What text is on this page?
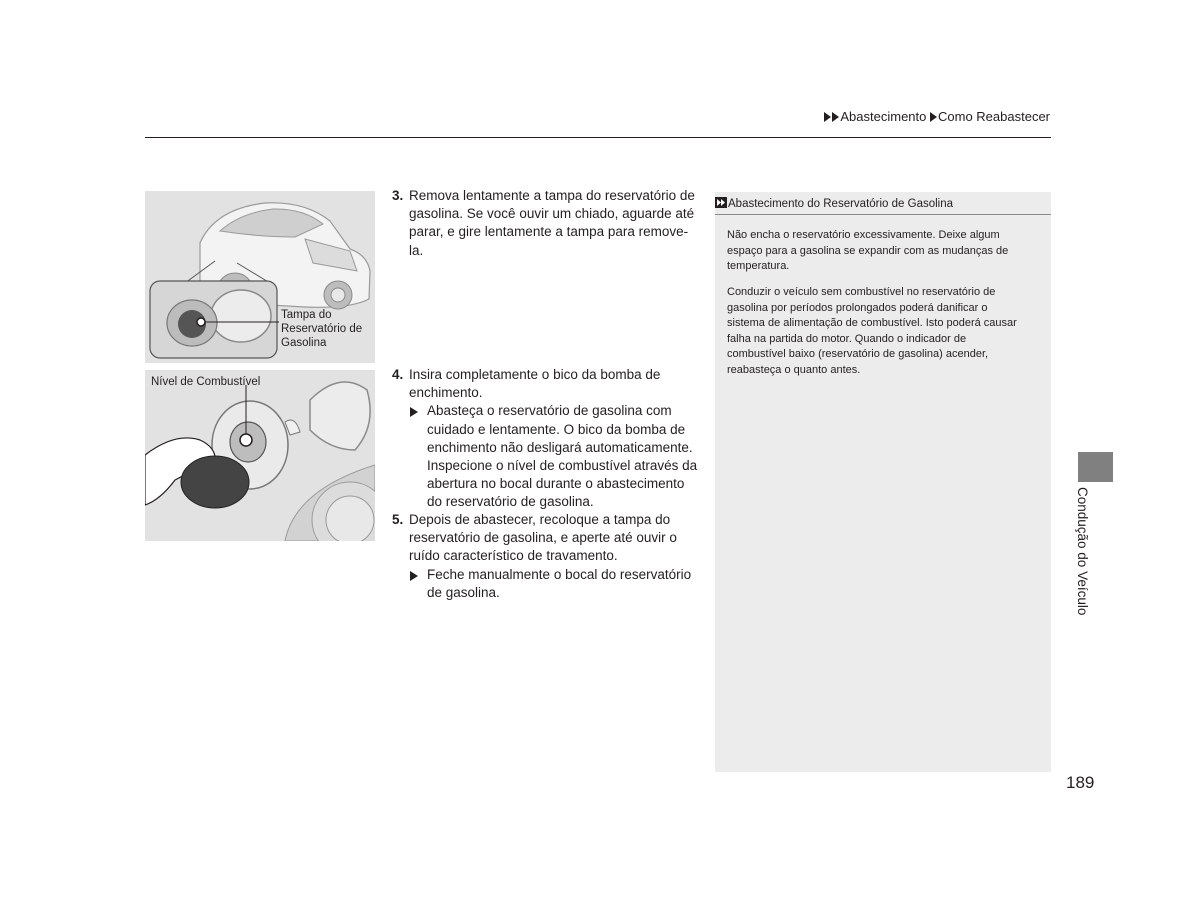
Abastecimento Como Reabastecer
Tampa do
Reservatório de
Gasolina
Nível de Combustível
3. Remova lentamente a tampa do reservatório de
gasolina. Se você ouvir um chiado, aguarde até
parar, e gire lentamente a tampa para remove-la.
4. Insira completamente o bico da bomba de
enchimento.
Abasteça o reservatório de gasolina com
cuidado e lentamente. O bico da bomba de
enchimento não desligará automaticamente.
Inspecione o nível de combustível através da
abertura no bocal durante o abastecimento
do reservatório de gasolina.
5. Depois de abastecer, recoloque a tampa do
reservatório de gasolina, e aperte até ouvir o
ruído característico de travamento.
Feche manualmente o bocal do reservatório
de gasolina.
Abastecimento do Reservatório de Gasolina
Não encha o reservatório excessivamente. Deixe algum
espaço para a gasolina se expandir com as mudanças de
temperatura.
Conduzir o veículo sem combustível no reservatório de
gasolina por períodos prolongados poderá danificar o
sistema de alimentação de combustível. Isto poderá causar
falha na partida do motor. Quando o indicador de
combustível baixo (reservatório de gasolina) acender,
reabasteça o quanto antes.
Condução do Veículo
189
